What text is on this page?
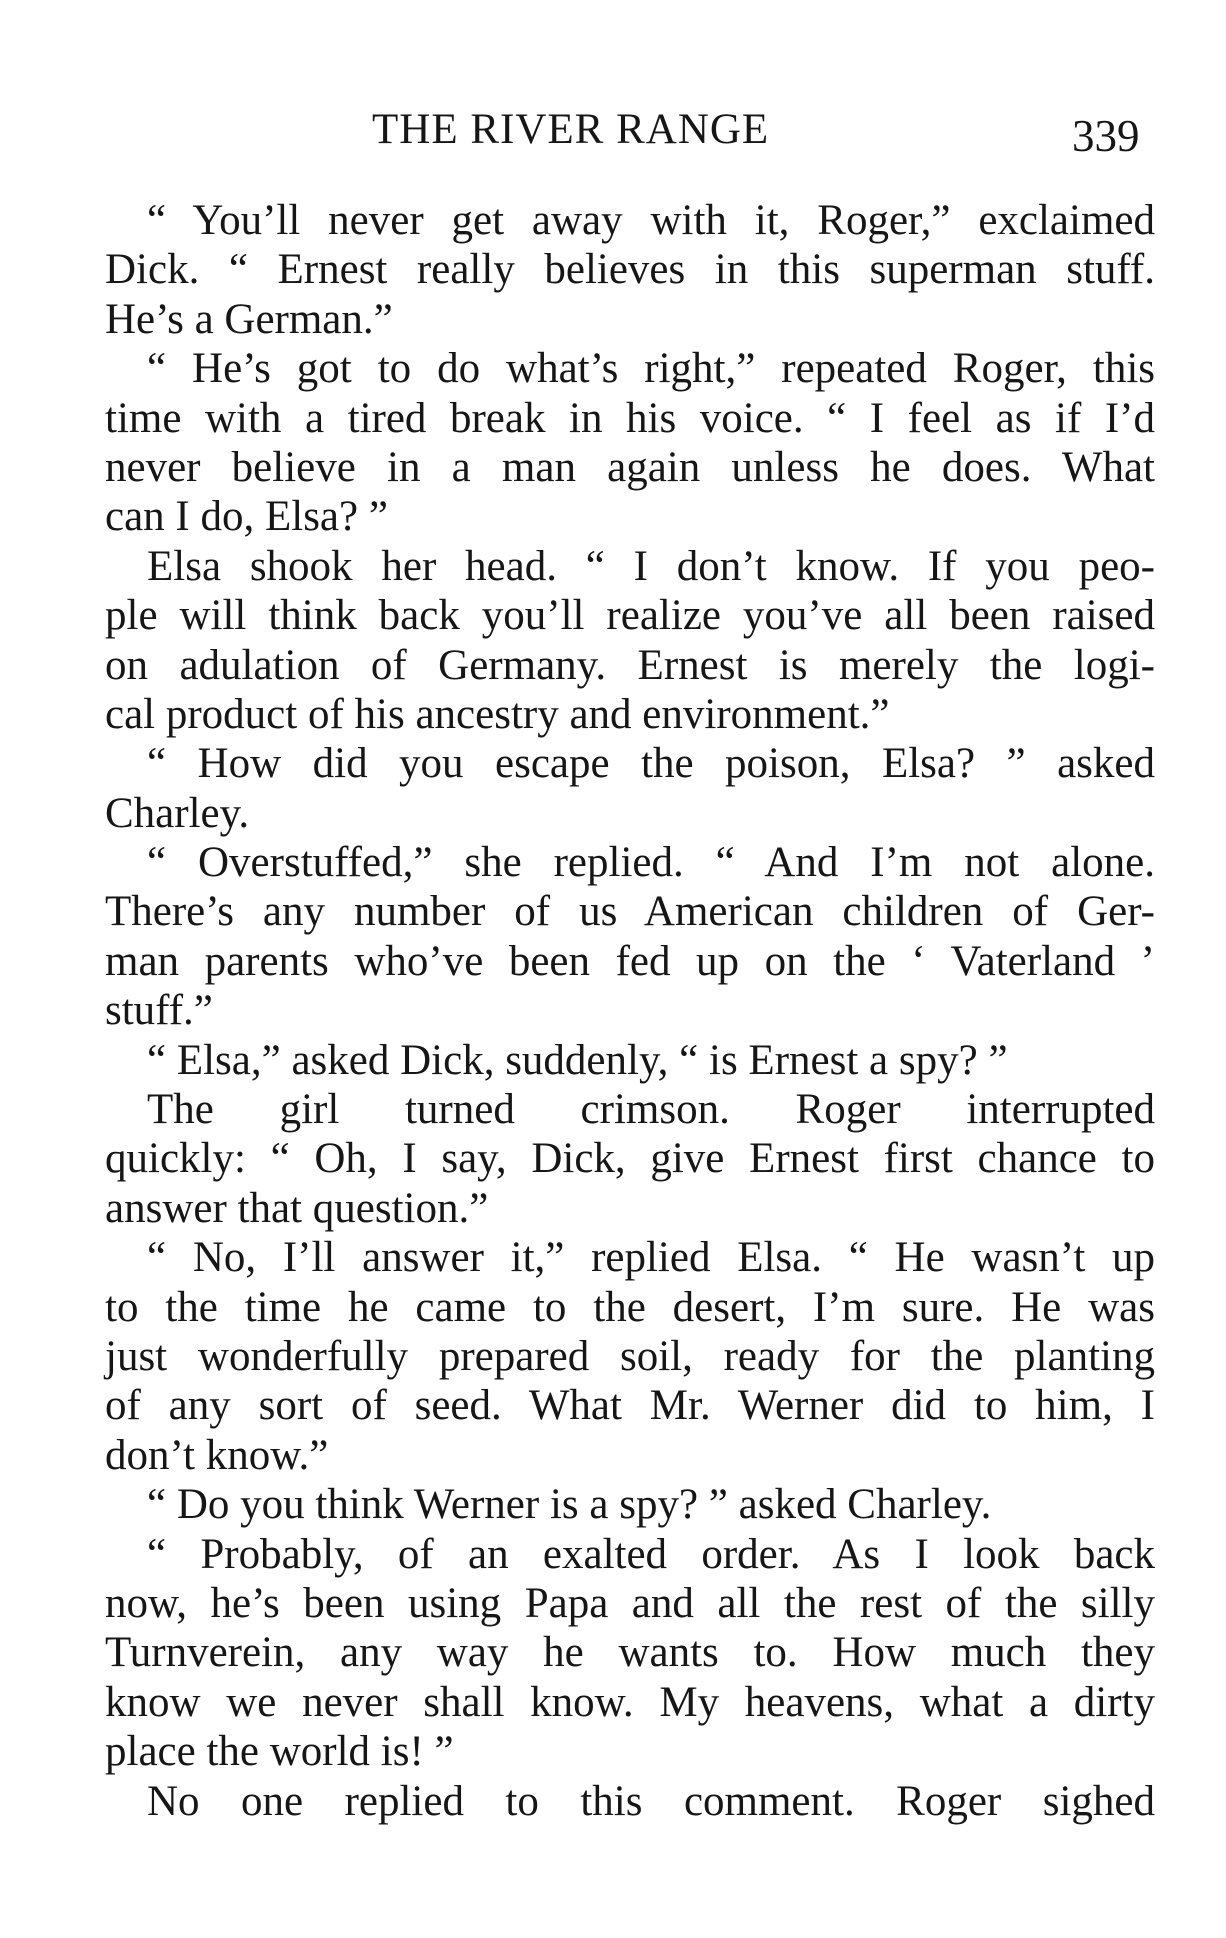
THE RIVER RANGE	339
“ You’ll never get away with it, Roger,” exclaimed
Dick. “ Ernest really believes in this superman stuff.
He’s a German.”
“ He’s got to do what’s right,” repeated Roger, this
time with a tired break in his voice. “ I feel as if I’d
never believe in a man again unless he does. What
can I do, Elsa? ”
Elsa shook her head. “ I don’t know. If you peo-
ple will think back you’ll realize you’ve all been raised
on adulation of Germany. Ernest is merely the logi-
cal product of his ancestry and environment.”
“ How did you escape the poison, Elsa? ” asked
Charley.
“ Overstuffed,” she replied. “ And I’m not alone.
There’s any number of us American children of Ger-
man parents who’ve been fed up on the ‘ Vaterland ’
stuff.”
“ Elsa,” asked Dick, suddenly, “ is Ernest a spy? ”
The girl turned crimson. Roger interrupted
quickly: “ Oh, I say, Dick, give Ernest first chance to
answer that question.”
“ No, I’ll answer it,” replied Elsa. “ He wasn’t up
to the time he came to the desert, I’m sure. He was
just wonderfully prepared soil, ready for the planting
of any sort of seed. What Mr. Werner did to him, I
don’t know.”
“ Do you think Werner is a spy? ” asked Charley.
“ Probably, of an exalted order. As I look back
now, he’s been using Papa and all the rest of the silly
Turnverein, any way he wants to. How much they
know we never shall know. My heavens, what a dirty
place the world is! ”
No one replied to this comment. Roger sighed
